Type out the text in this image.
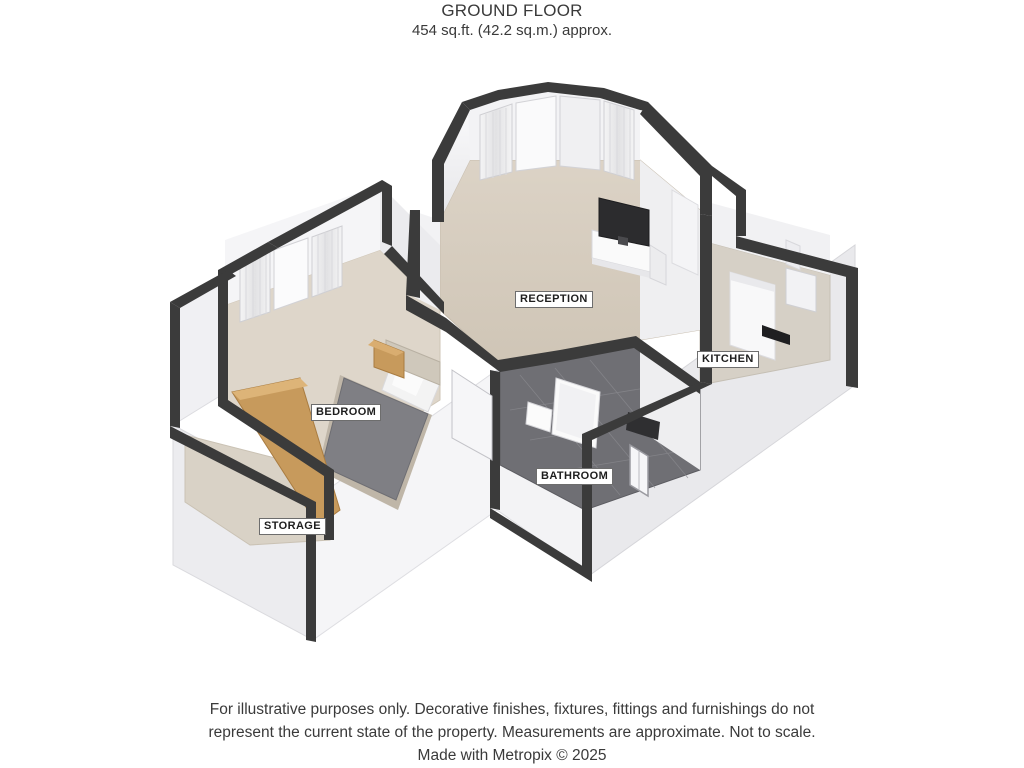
GROUND FLOOR
454 sq.ft. (42.2 sq.m.) approx.
RECEPTION
BEDROOM
STORAGE
BATHROOM
KITCHEN
For illustrative purposes only. Decorative finishes, fixtures, fittings and furnishings do not
represent the current state of the property. Measurements are approximate. Not to scale.
Made with Metropix © 2025
